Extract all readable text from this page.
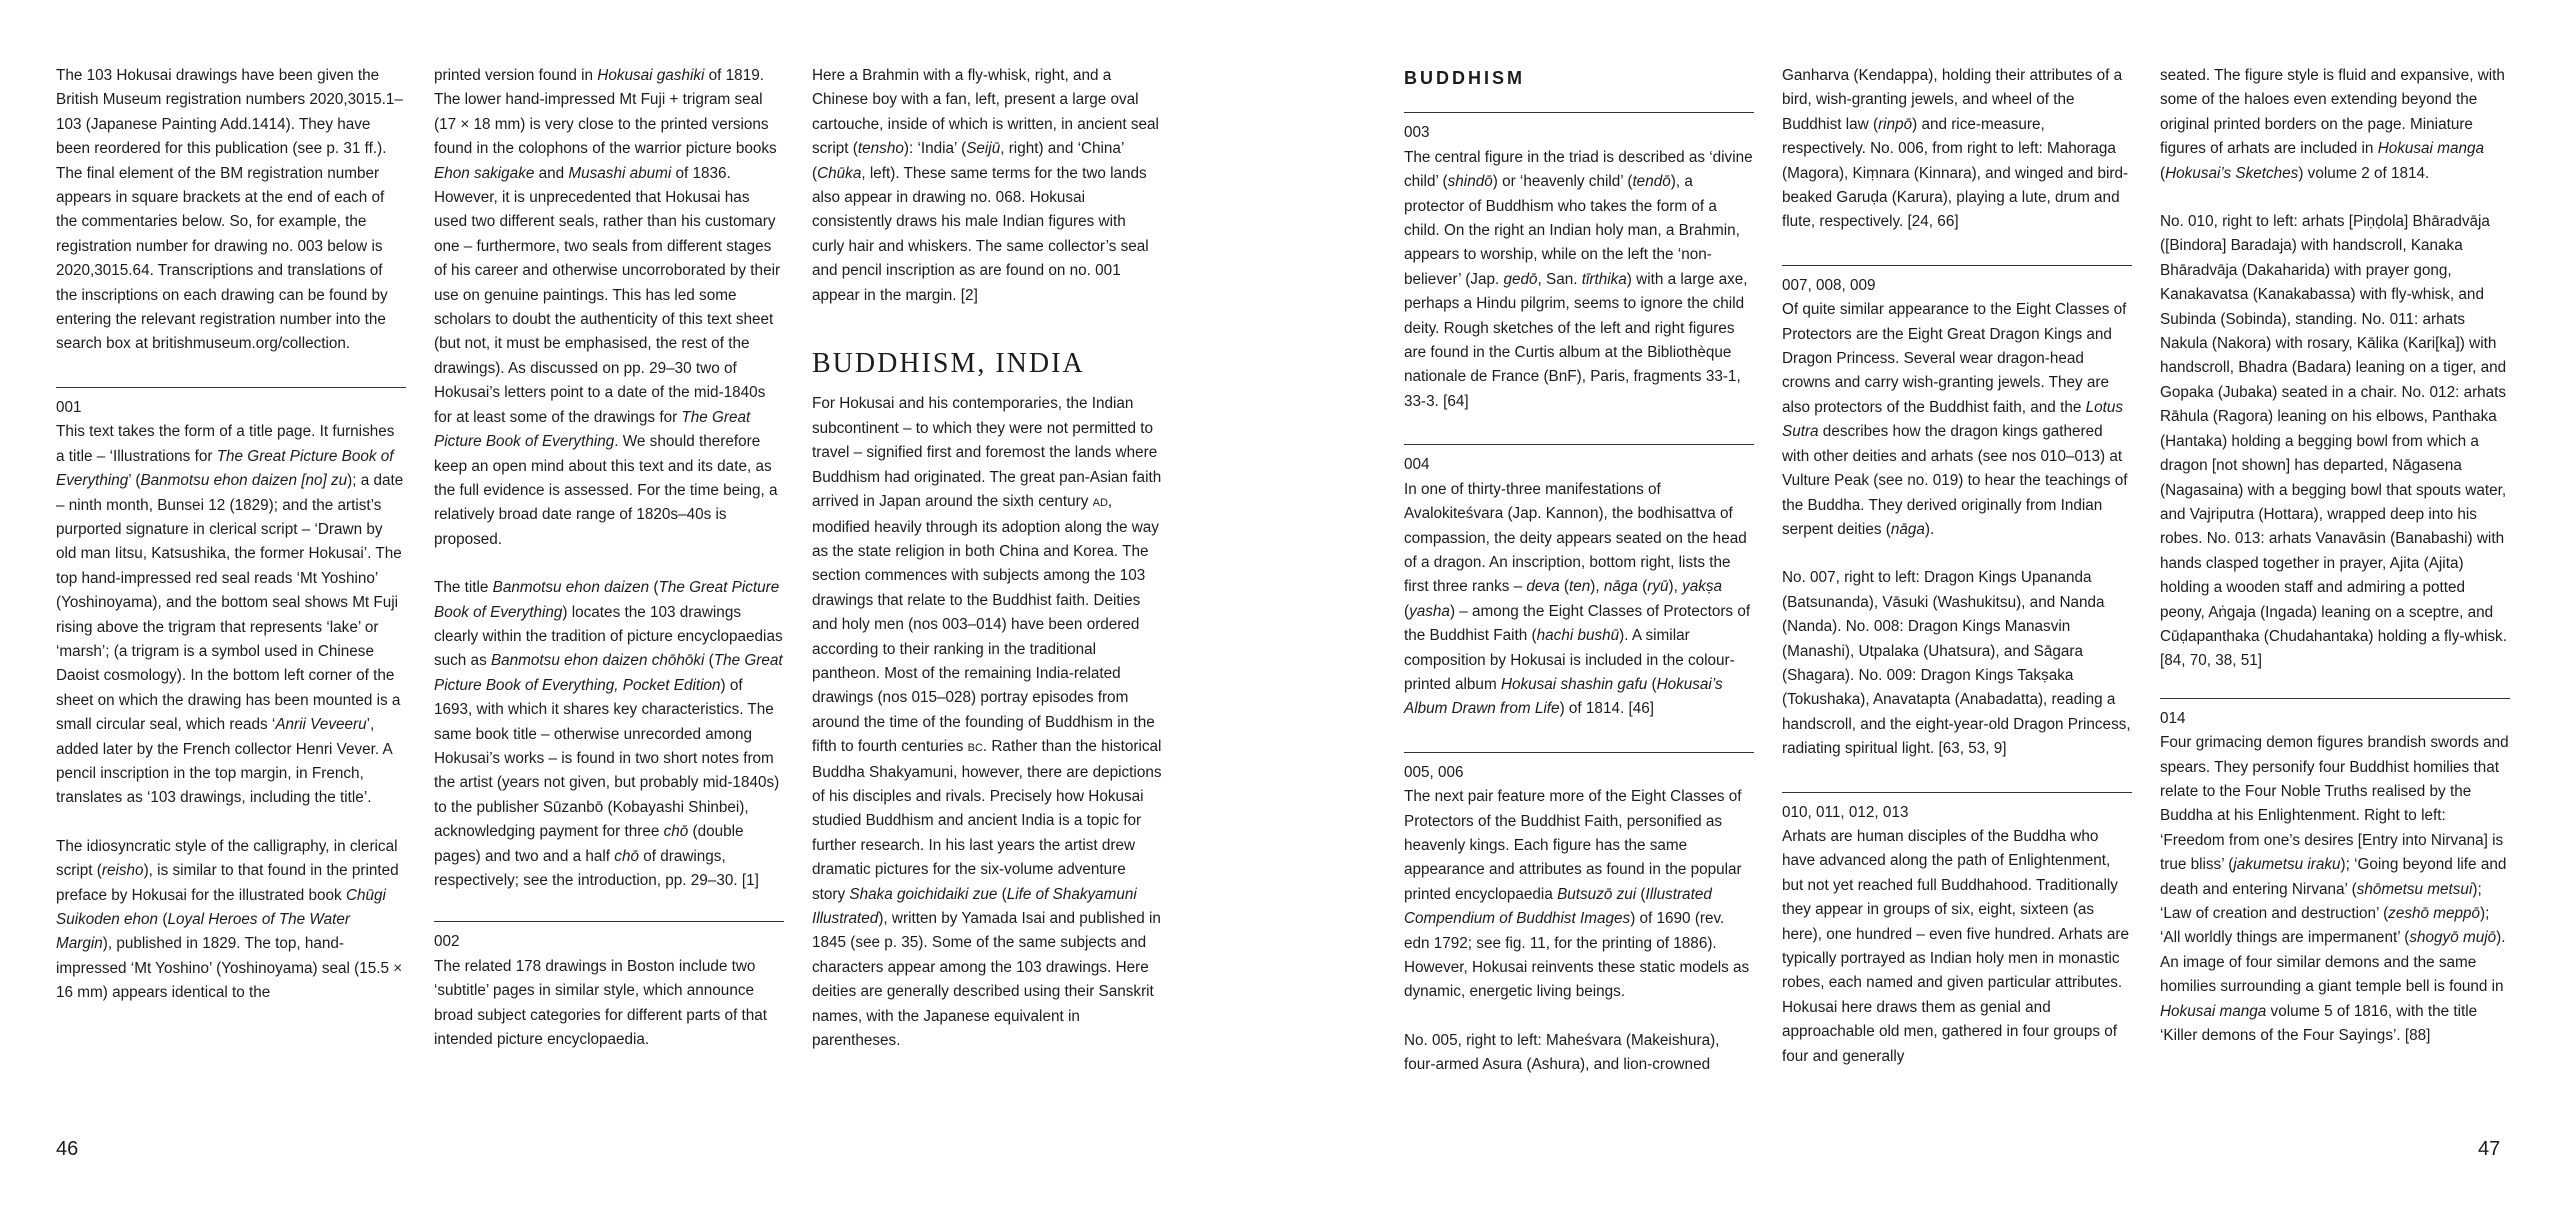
The 103 Hokusai drawings have been given the British Museum registration numbers 2020,3015.1–103 (Japanese Painting Add.1414). They have been reordered for this publication (see p. 31 ff.). The final element of the BM registration number appears in square brackets at the end of each of the commentaries below. So, for example, the registration number for drawing no. 003 below is 2020,3015.64. Transcriptions and translations of the inscriptions on each drawing can be found by entering the relevant registration number into the search box at britishmuseum.org/collection.

001
This text takes the form of a title page. It furnishes a title – ‘Illustrations for The Great Picture Book of Everything’ (Banmotsu ehon daizen [no] zu); a date – ninth month, Bunsei 12 (1829); and the artist’s purported signature in clerical script – ‘Drawn by old man Iitsu, Katsushika, the former Hokusai’. The top hand-impressed red seal reads ‘Mt Yoshino’ (Yoshinoyama), and the bottom seal shows Mt Fuji rising above the trigram that represents ‘lake’ or ‘marsh’; (a trigram is a symbol used in Chinese Daoist cosmology). In the bottom left corner of the sheet on which the drawing has been mounted is a small circular seal, which reads ‘Anrii Veveeru’, added later by the French collector Henri Vever. A pencil inscription in the top margin, in French, translates as ‘103 drawings, including the title’.

The idiosyncratic style of the calligraphy, in clerical script (reisho), is similar to that found in the printed preface by Hokusai for the illustrated book Chūgi Suikoden ehon (Loyal Heroes of The Water Margin), published in 1829. The top, hand-impressed ‘Mt Yoshino’ (Yoshinoyama) seal (15.5 × 16 mm) appears identical to the

printed version found in Hokusai gashiki of 1819. The lower hand-impressed Mt Fuji + trigram seal (17 × 18 mm) is very close to the printed versions found in the colophons of the warrior picture books Ehon sakigake and Musashi abumi of 1836. However, it is unprecedented that Hokusai has used two different seals, rather than his customary one – furthermore, two seals from different stages of his career and otherwise uncorroborated by their use on genuine paintings. This has led some scholars to doubt the authenticity of this text sheet (but not, it must be emphasised, the rest of the drawings). As discussed on pp. 29–30 two of Hokusai’s letters point to a date of the mid-1840s for at least some of the drawings for The Great Picture Book of Everything. We should therefore keep an open mind about this text and its date, as the full evidence is assessed. For the time being, a relatively broad date range of 1820s–40s is proposed.

The title Banmotsu ehon daizen (The Great Picture Book of Everything) locates the 103 drawings clearly within the tradition of picture encyclopaedias such as Banmotsu ehon daizen chōhōki (The Great Picture Book of Everything, Pocket Edition) of 1693, with which it shares key characteristics. The same book title – otherwise unrecorded among Hokusai’s works – is found in two short notes from the artist (years not given, but probably mid-1840s) to the publisher Sūzanbō (Kobayashi Shinbei), acknowledging payment for three chō (double pages) and two and a half chō of drawings, respectively; see the introduction, pp. 29–30. [1]

002
The related 178 drawings in Boston include two ‘subtitle’ pages in similar style, which announce broad subject categories for different parts of that intended picture encyclopaedia.

Here a Brahmin with a fly-whisk, right, and a Chinese boy with a fan, left, present a large oval cartouche, inside of which is written, in ancient seal script (tensho): ‘India’ (Seijū, right) and ‘China’ (Chūka, left). These same terms for the two lands also appear in drawing no. 068. Hokusai consistently draws his male Indian figures with curly hair and whiskers. The same collector’s seal and pencil inscription as are found on no. 001 appear in the margin. [2]

BUDDHISM, INDIA

For Hokusai and his contemporaries, the Indian subcontinent – to which they were not permitted to travel – signified first and foremost the lands where Buddhism had originated. The great pan-Asian faith arrived in Japan around the sixth century AD, modified heavily through its adoption along the way as the state religion in both China and Korea. The section commences with subjects among the 103 drawings that relate to the Buddhist faith. Deities and holy men (nos 003–014) have been ordered according to their ranking in the traditional pantheon. Most of the remaining India-related drawings (nos 015–028) portray episodes from around the time of the founding of Buddhism in the fifth to fourth centuries BC. Rather than the historical Buddha Shakyamuni, however, there are depictions of his disciples and rivals. Precisely how Hokusai studied Buddhism and ancient India is a topic for further research. In his last years the artist drew dramatic pictures for the six-volume adventure story Shaka goichidaiki zue (Life of Shakyamuni Illustrated), written by Yamada Isai and published in 1845 (see p. 35). Some of the same subjects and characters appear among the 103 drawings. Here deities are generally described using their Sanskrit names, with the Japanese equivalent in parentheses.

46
BUDDHISM

003
The central figure in the triad is described as ‘divine child’ (shindō) or ‘heavenly child’ (tendō), a protector of Buddhism who takes the form of a child. On the right an Indian holy man, a Brahmin, appears to worship, while on the left the ‘non-believer’ (Jap. gedō, San. tīrthika) with a large axe, perhaps a Hindu pilgrim, seems to ignore the child deity. Rough sketches of the left and right figures are found in the Curtis album at the Bibliothèque nationale de France (BnF), Paris, fragments 33-1, 33-3. [64]

004
In one of thirty-three manifestations of Avalokiteśvara (Jap. Kannon), the bodhisattva of compassion, the deity appears seated on the head of a dragon. An inscription, bottom right, lists the first three ranks – deva (ten), nāga (ryū), yakṣa (yasha) – among the Eight Classes of Protectors of the Buddhist Faith (hachi bushū). A similar composition by Hokusai is included in the colour-printed album Hokusai shashin gafu (Hokusai’s Album Drawn from Life) of 1814. [46]

005, 006
The next pair feature more of the Eight Classes of Protectors of the Buddhist Faith, personified as heavenly kings. Each figure has the same appearance and attributes as found in the popular printed encyclopaedia Butsuzō zui (Illustrated Compendium of Buddhist Images) of 1690 (rev. edn 1792; see fig. 11, for the printing of 1886). However, Hokusai reinvents these static models as dynamic, energetic living beings.

No. 005, right to left: Maheśvara (Makeishura), four-armed Asura (Ashura), and lion-crowned

Ganharva (Kendappa), holding their attributes of a bird, wish-granting jewels, and wheel of the Buddhist law (rinpō) and rice-measure, respectively. No. 006, from right to left: Mahoraga (Magora), Kiṃnara (Kinnara), and winged and bird-beaked Garuḍa (Karura), playing a lute, drum and flute, respectively. [24, 66]

007, 008, 009
Of quite similar appearance to the Eight Classes of Protectors are the Eight Great Dragon Kings and Dragon Princess. Several wear dragon-head crowns and carry wish-granting jewels. They are also protectors of the Buddhist faith, and the Lotus Sutra describes how the dragon kings gathered with other deities and arhats (see nos 010–013) at Vulture Peak (see no. 019) to hear the teachings of the Buddha. They derived originally from Indian serpent deities (nāga).

No. 007, right to left: Dragon Kings Upananda (Batsunanda), Vāsuki (Washukitsu), and Nanda (Nanda). No. 008: Dragon Kings Manasvin (Manashi), Utpalaka (Uhatsura), and Sāgara (Shagara). No. 009: Dragon Kings Takṣaka (Tokushaka), Anavatapta (Anabadatta), reading a handscroll, and the eight-year-old Dragon Princess, radiating spiritual light. [63, 53, 9]

010, 011, 012, 013
Arhats are human disciples of the Buddha who have advanced along the path of Enlightenment, but not yet reached full Buddhahood. Traditionally they appear in groups of six, eight, sixteen (as here), one hundred – even five hundred. Arhats are typically portrayed as Indian holy men in monastic robes, each named and given particular attributes. Hokusai here draws them as genial and approachable old men, gathered in four groups of four and generally

seated. The figure style is fluid and expansive, with some of the haloes even extending beyond the original printed borders on the page. Miniature figures of arhats are included in Hokusai manga (Hokusai’s Sketches) volume 2 of 1814.

No. 010, right to left: arhats [Piṇḍola] Bhāradvāja ([Bindora] Baradaja) with handscroll, Kanaka Bhāradvāja (Dakaharida) with prayer gong, Kanakavatsa (Kanakabassa) with fly-whisk, and Subinda (Sobinda), standing. No. 011: arhats Nakula (Nakora) with rosary, Kālika (Kari[ka]) with handscroll, Bhadra (Badara) leaning on a tiger, and Gopaka (Jubaka) seated in a chair. No. 012: arhats Rāhula (Ragora) leaning on his elbows, Panthaka (Hantaka) holding a begging bowl from which a dragon [not shown] has departed, Nāgasena (Nagasaina) with a begging bowl that spouts water, and Vajriputra (Hottara), wrapped deep into his robes. No. 013: arhats Vanavāsin (Banabashi) with hands clasped together in prayer, Ajita (Ajita) holding a wooden staff and admiring a potted peony, Aṅgaja (Ingada) leaning on a sceptre, and Cūḍapanthaka (Chudahantaka) holding a fly-whisk. [84, 70, 38, 51]

014
Four grimacing demon figures brandish swords and spears. They personify four Buddhist homilies that relate to the Four Noble Truths realised by the Buddha at his Enlightenment. Right to left: ‘Freedom from one’s desires [Entry into Nirvana] is true bliss’ (jakumetsu iraku); ‘Going beyond life and death and entering Nirvana’ (shōmetsu metsui); ‘Law of creation and destruction’ (zeshō meppō); ‘All worldly things are impermanent’ (shogyō mujō). An image of four similar demons and the same homilies surrounding a giant temple bell is found in Hokusai manga volume 5 of 1816, with the title ‘Killer demons of the Four Sayings’. [88]

47
